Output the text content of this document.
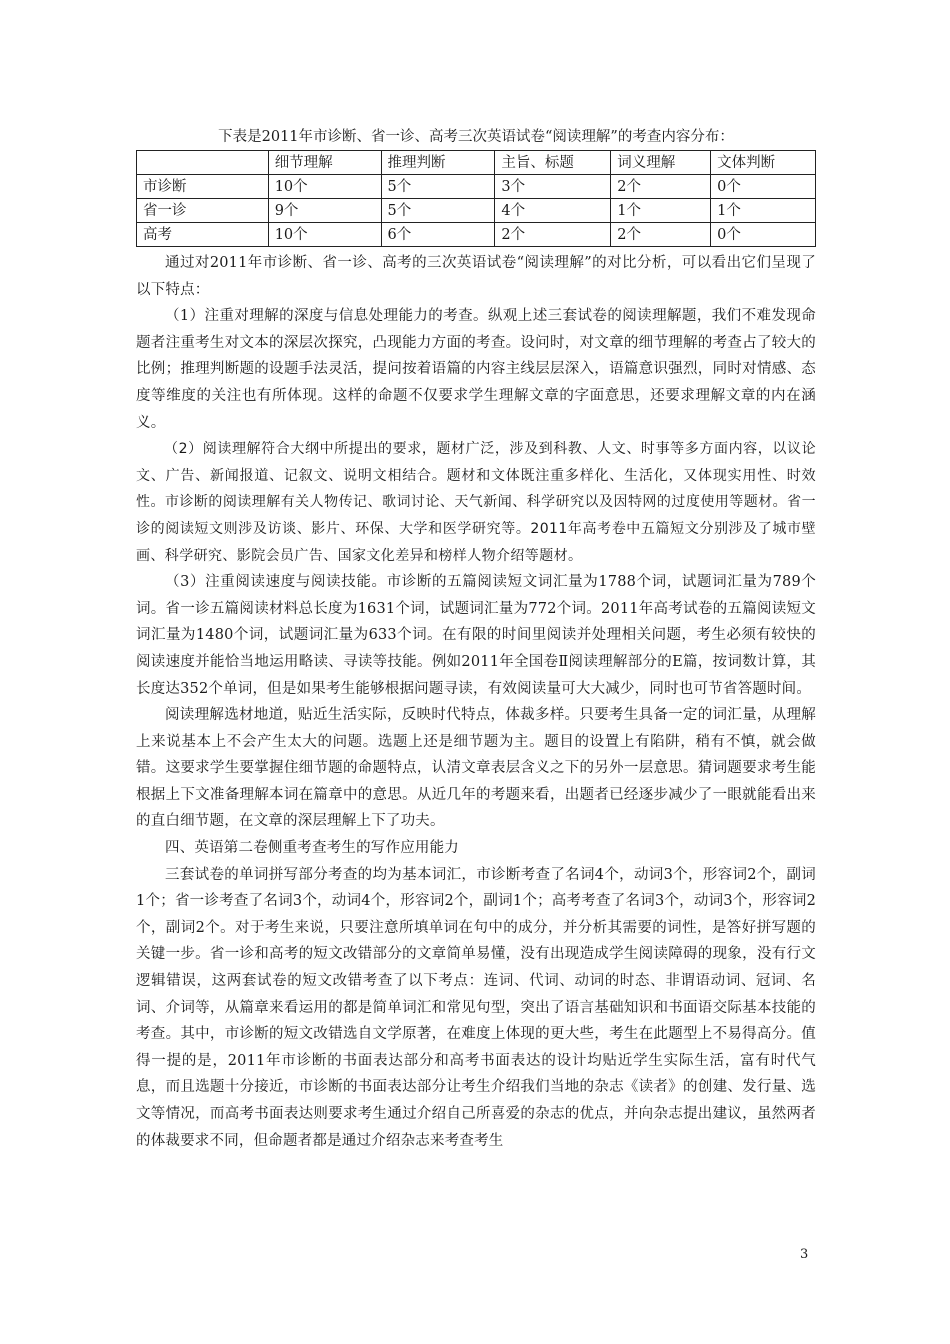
下表是2011年市诊断、省一诊、高考三次英语试卷“阅读理解”的考查内容分布：
	细节理解	推理判断	主旨、标题	词义理解	文体判断
市诊断	10个	5个	3个	2个	0个
省一诊	9个	5个	4个	1个	1个
高考	10个	6个	2个	2个	0个

通过对2011年市诊断、省一诊、高考的三次英语试卷“阅读理解”的对比分析，可以看出它们呈现了以下特点：

（1）注重对理解的深度与信息处理能力的考查。纵观上述三套试卷的阅读理解题，我们不难发现命题者注重考生对文本的深层次探究，凸现能力方面的考查。设问时，对文章的细节理解的考查占了较大的比例；推理判断题的设题手法灵活，提问按着语篇的内容主线层层深入，语篇意识强烈，同时对情感、态度等维度的关注也有所体现。这样的命题不仅要求学生理解文章的字面意思，还要求理解文章的内在涵义。

（2）阅读理解符合大纲中所提出的要求，题材广泛，涉及到科教、人文、时事等多方面内容，以议论文、广告、新闻报道、记叙文、说明文相结合。题材和文体既注重多样化、生活化，又体现实用性、时效性。市诊断的阅读理解有关人物传记、歌词讨论、天气新闻、科学研究以及因特网的过度使用等题材。省一诊的阅读短文则涉及访谈、影片、环保、大学和医学研究等。2011年高考卷中五篇短文分别涉及了城市壁画、科学研究、影院会员广告、国家文化差异和榜样人物介绍等题材。

（3）注重阅读速度与阅读技能。市诊断的五篇阅读短文词汇量为1788个词，试题词汇量为789个词。省一诊五篇阅读材料总长度为1631个词，试题词汇量为772个词。2011年高考试卷的五篇阅读短文词汇量为1480个词，试题词汇量为633个词。在有限的时间里阅读并处理相关问题，考生必须有较快的阅读速度并能恰当地运用略读、寻读等技能。例如2011年全国卷Ⅱ阅读理解部分的E篇，按词数计算，其长度达352个单词，但是如果考生能够根据问题寻读，有效阅读量可大大减少，同时也可节省答题时间。

阅读理解选材地道，贴近生活实际，反映时代特点，体裁多样。只要考生具备一定的词汇量，从理解上来说基本上不会产生太大的问题。选题上还是细节题为主。题目的设置上有陷阱，稍有不慎，就会做错。这要求学生要掌握住细节题的命题特点，认清文章表层含义之下的另外一层意思。猜词题要求考生能根据上下文准备理解本词在篇章中的意思。从近几年的考题来看，出题者已经逐步减少了一眼就能看出来的直白细节题，在文章的深层理解上下了功夫。

四、英语第二卷侧重考查考生的写作应用能力

三套试卷的单词拼写部分考查的均为基本词汇，市诊断考查了名词4个，动词3个，形容词2个，副词1个；省一诊考查了名词3个，动词4个，形容词2个，副词1个；高考考查了名词3个，动词3个，形容词2个，副词2个。对于考生来说，只要注意所填单词在句中的成分，并分析其需要的词性，是答好拼写题的关键一步。省一诊和高考的短文改错部分的文章简单易懂，没有出现造成学生阅读障碍的现象，没有行文逻辑错误，这两套试卷的短文改错考查了以下考点：连词、代词、动词的时态、非谓语动词、冠词、名词、介词等，从篇章来看运用的都是简单词汇和常见句型，突出了语言基础知识和书面语交际基本技能的考查。其中，市诊断的短文改错选自文学原著，在难度上体现的更大些，考生在此题型上不易得高分。值得一提的是，2011年市诊断的书面表达部分和高考书面表达的设计均贴近学生实际生活，富有时代气息，而且选题十分接近，市诊断的书面表达部分让考生介绍我们当地的杂志《读者》的创建、发行量、选文等情况，而高考书面表达则要求考生通过介绍自己所喜爱的杂志的优点，并向杂志提出建议，虽然两者的体裁要求不同，但命题者都是通过介绍杂志来考查考生

3
